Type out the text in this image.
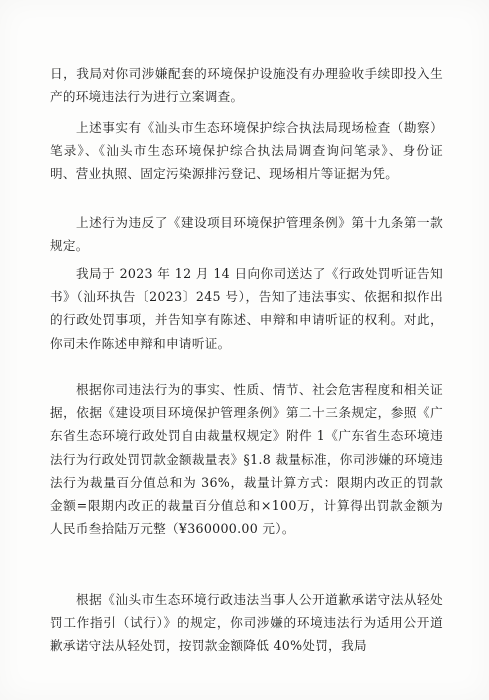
日，我局对你司涉嫌配套的环境保护设施没有办理验收手续即投入生产的环境违法行为进行立案调查。

上述事实有《汕头市生态环境保护综合执法局现场检查（勘察）笔录》、《汕头市生态环境保护综合执法局调查询问笔录》、身份证明、营业执照、固定污染源排污登记、现场相片等证据为凭。

上述行为违反了《建设项目环境保护管理条例》第十九条第一款规定。

我局于 2023 年 12 月 14 日向你司送达了《行政处罚听证告知书》（汕环执告〔2023〕245 号），告知了违法事实、依据和拟作出的行政处罚事项，并告知享有陈述、申辩和申请听证的权利。对此，你司未作陈述申辩和申请听证。

根据你司违法行为的事实、性质、情节、社会危害程度和相关证据，依据《建设项目环境保护管理条例》第二十三条规定，参照《广东省生态环境行政处罚自由裁量权规定》附件 1《广东省生态环境违法行为行政处罚罚款金额裁量表》§1.8 裁量标准，你司涉嫌的环境违法行为裁量百分值总和为 36%，裁量计算方式：限期内改正的罚款金额=限期内改正的裁量百分值总和×100万，计算得出罚款金额为人民币叁拾陆万元整（¥360000.00 元）。

根据《汕头市生态环境行政违法当事人公开道歉承诺守法从轻处罚工作指引（试行）》的规定，你司涉嫌的环境违法行为适用公开道歉承诺守法从轻处罚，按罚款金额降低 40%处罚，我局
